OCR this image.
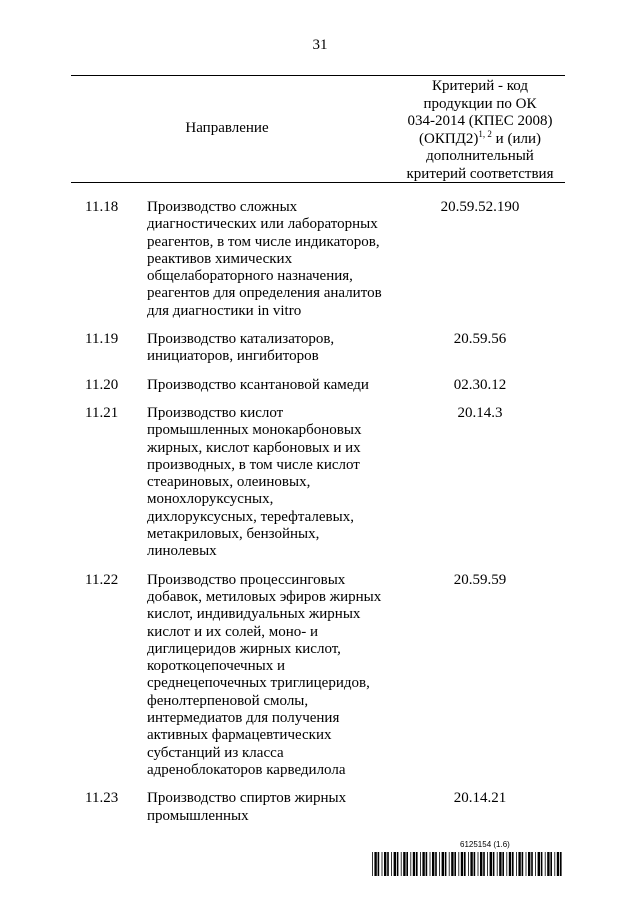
31
Направление
Критерий - код
продукции по ОК
034-2014 (КПЕС 2008)
(ОКПД2)$^{1, 2}$ и (или)
дополнительный
критерий соответствия
11.18 Производство сложных
диагностических или лабораторных
реагентов, в том числе индикаторов,
реактивов химических
общелабораторного назначения,
реагентов для определения аналитов
для диагностики in vitro
20.59.52.190
11.19 Производство катализаторов,
инициаторов, ингибиторов
20.59.56
11.20 Производство ксантановой камеди	02.30.12
11.21 Производство кислот
промышленных монокарбоновых
жирных, кислот карбоновых и их
производных, в том числе кислот
стеариновых, олеиновых,
монохлоруксусных,
дихлоруксусных, терефталевых,
метакриловых, бензойных,
линолевых
20.14.3
11.22 Производство процессинговых
добавок, метиловых эфиров жирных
кислот, индивидуальных жирных
кислот и их солей, моно- и
диглицеридов жирных кислот,
короткоцепочечных и
среднецепочечных триглицеридов,
фенолтерпеновой смолы,
интермедиатов для получения
активных фармацевтических
субстанций из класса
адреноблокаторов карведилола
20.59.59
11.23 Производство спиртов жирных
промышленных
20.14.21
6125154 (1.6)
